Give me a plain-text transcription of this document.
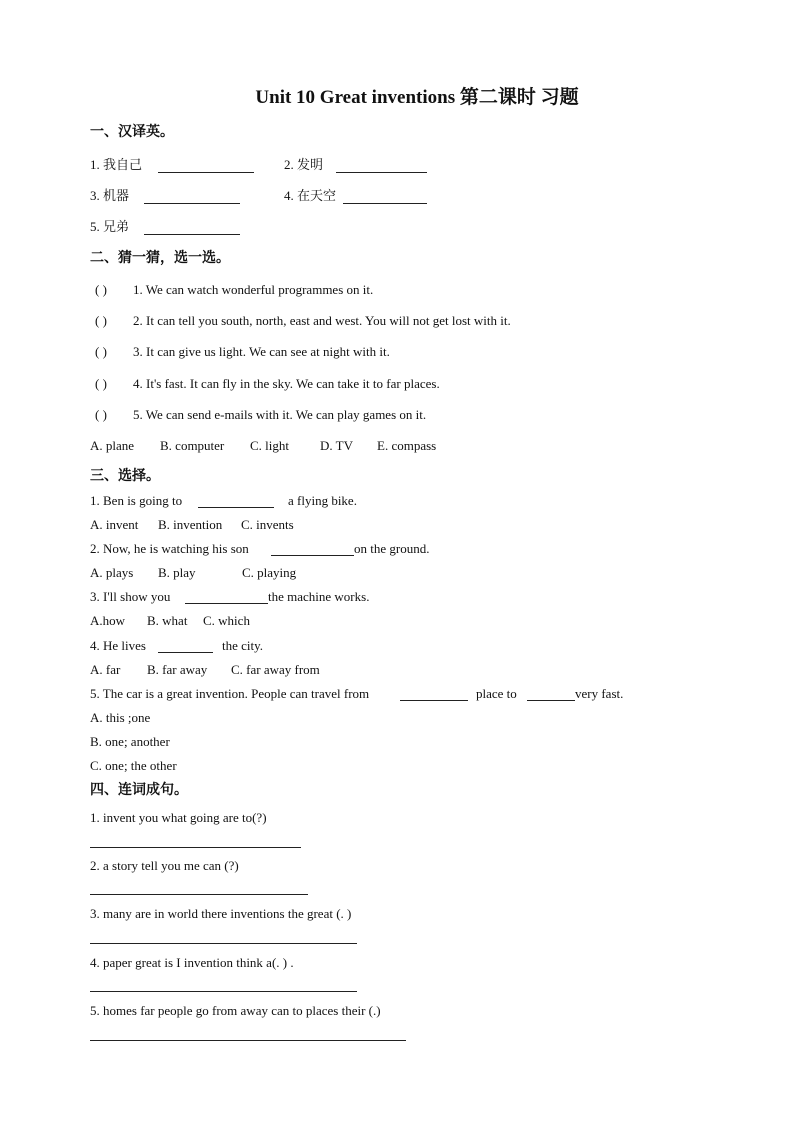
Unit 10 Great inventions 第二课时 习题
一、汉译英。
1. 我自己	2. 发明
3. 机器	4. 在天空
5. 兄弟
二、猜一猜，选一选。
( ) 1. We can watch wonderful programmes on it.
( ) 2. It can tell you south, north, east and west. You will not get lost with it.
( ) 3. It can give us light. We can see at night with it.
( ) 4. It's fast. It can fly in the sky. We can take it to far places.
( ) 5. We can send e-mails with it. We can play games on it.
A. plane B. computer C. light D. TV E. compass
三、选择。
1. Ben is going to	a flying bike.
A. invent B. invention C. invents
2. Now, he is watching his son	on the ground.
A. plays B. play	C. playing
3. I'll show you	the machine works.
A.how B. what C. which
4. He lives	the city.
A. far B. far away C. far away from
5. The car is a great invention. People can travel from	place to	very fast.
A. this ;one
B. one; another
C. one; the other
四、连词成句。
1. invent you what going are to(?)
2. a story tell you me can (?)
3. many are in world there inventions the great (. )
4. paper great is I invention think a(. ) .
5. homes far people go from away can to places their (.)
